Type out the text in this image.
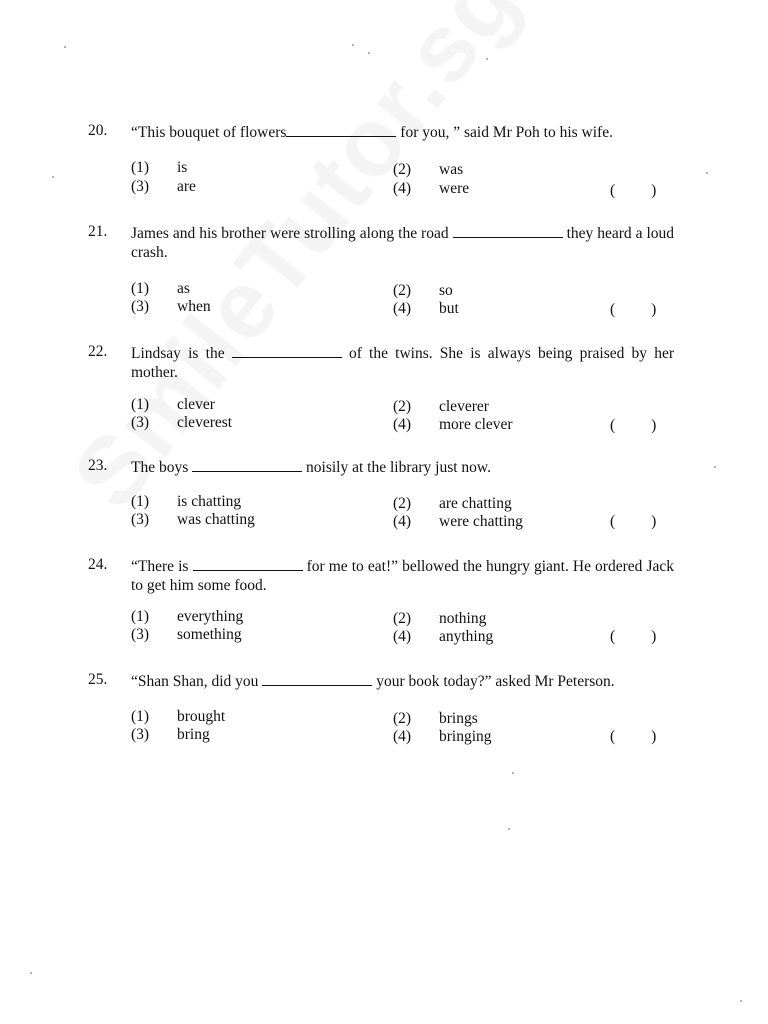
20. “This bouquet of flowers	for you, ” said Mr Poh to his wife.
(1) is	(2) was
(3) are	(4) were	( )
21. James and his brother were strolling along the road	they heard a loud crash.
(1) as	(2) so
(3) when	(4) but	( )
22. Lindsay is the	of the twins. She is always being praised by her mother.
(1) clever	(2) cleverer
(3) cleverest	(4) more clever	( )
23. The boys	noisily at the library just now.
(1) is chatting	(2) are chatting
(3) was chatting	(4) were chatting	( )
24. “There is	for me to eat!” bellowed the hungry giant. He ordered Jack to get him some food.
(1) everything	(2) nothing
(3) something	(4) anything	( )
25. “Shan Shan, did you	your book today?” asked Mr Peterson.
(1) brought	(2) brings
(3) bring	(4) bringing	( )
